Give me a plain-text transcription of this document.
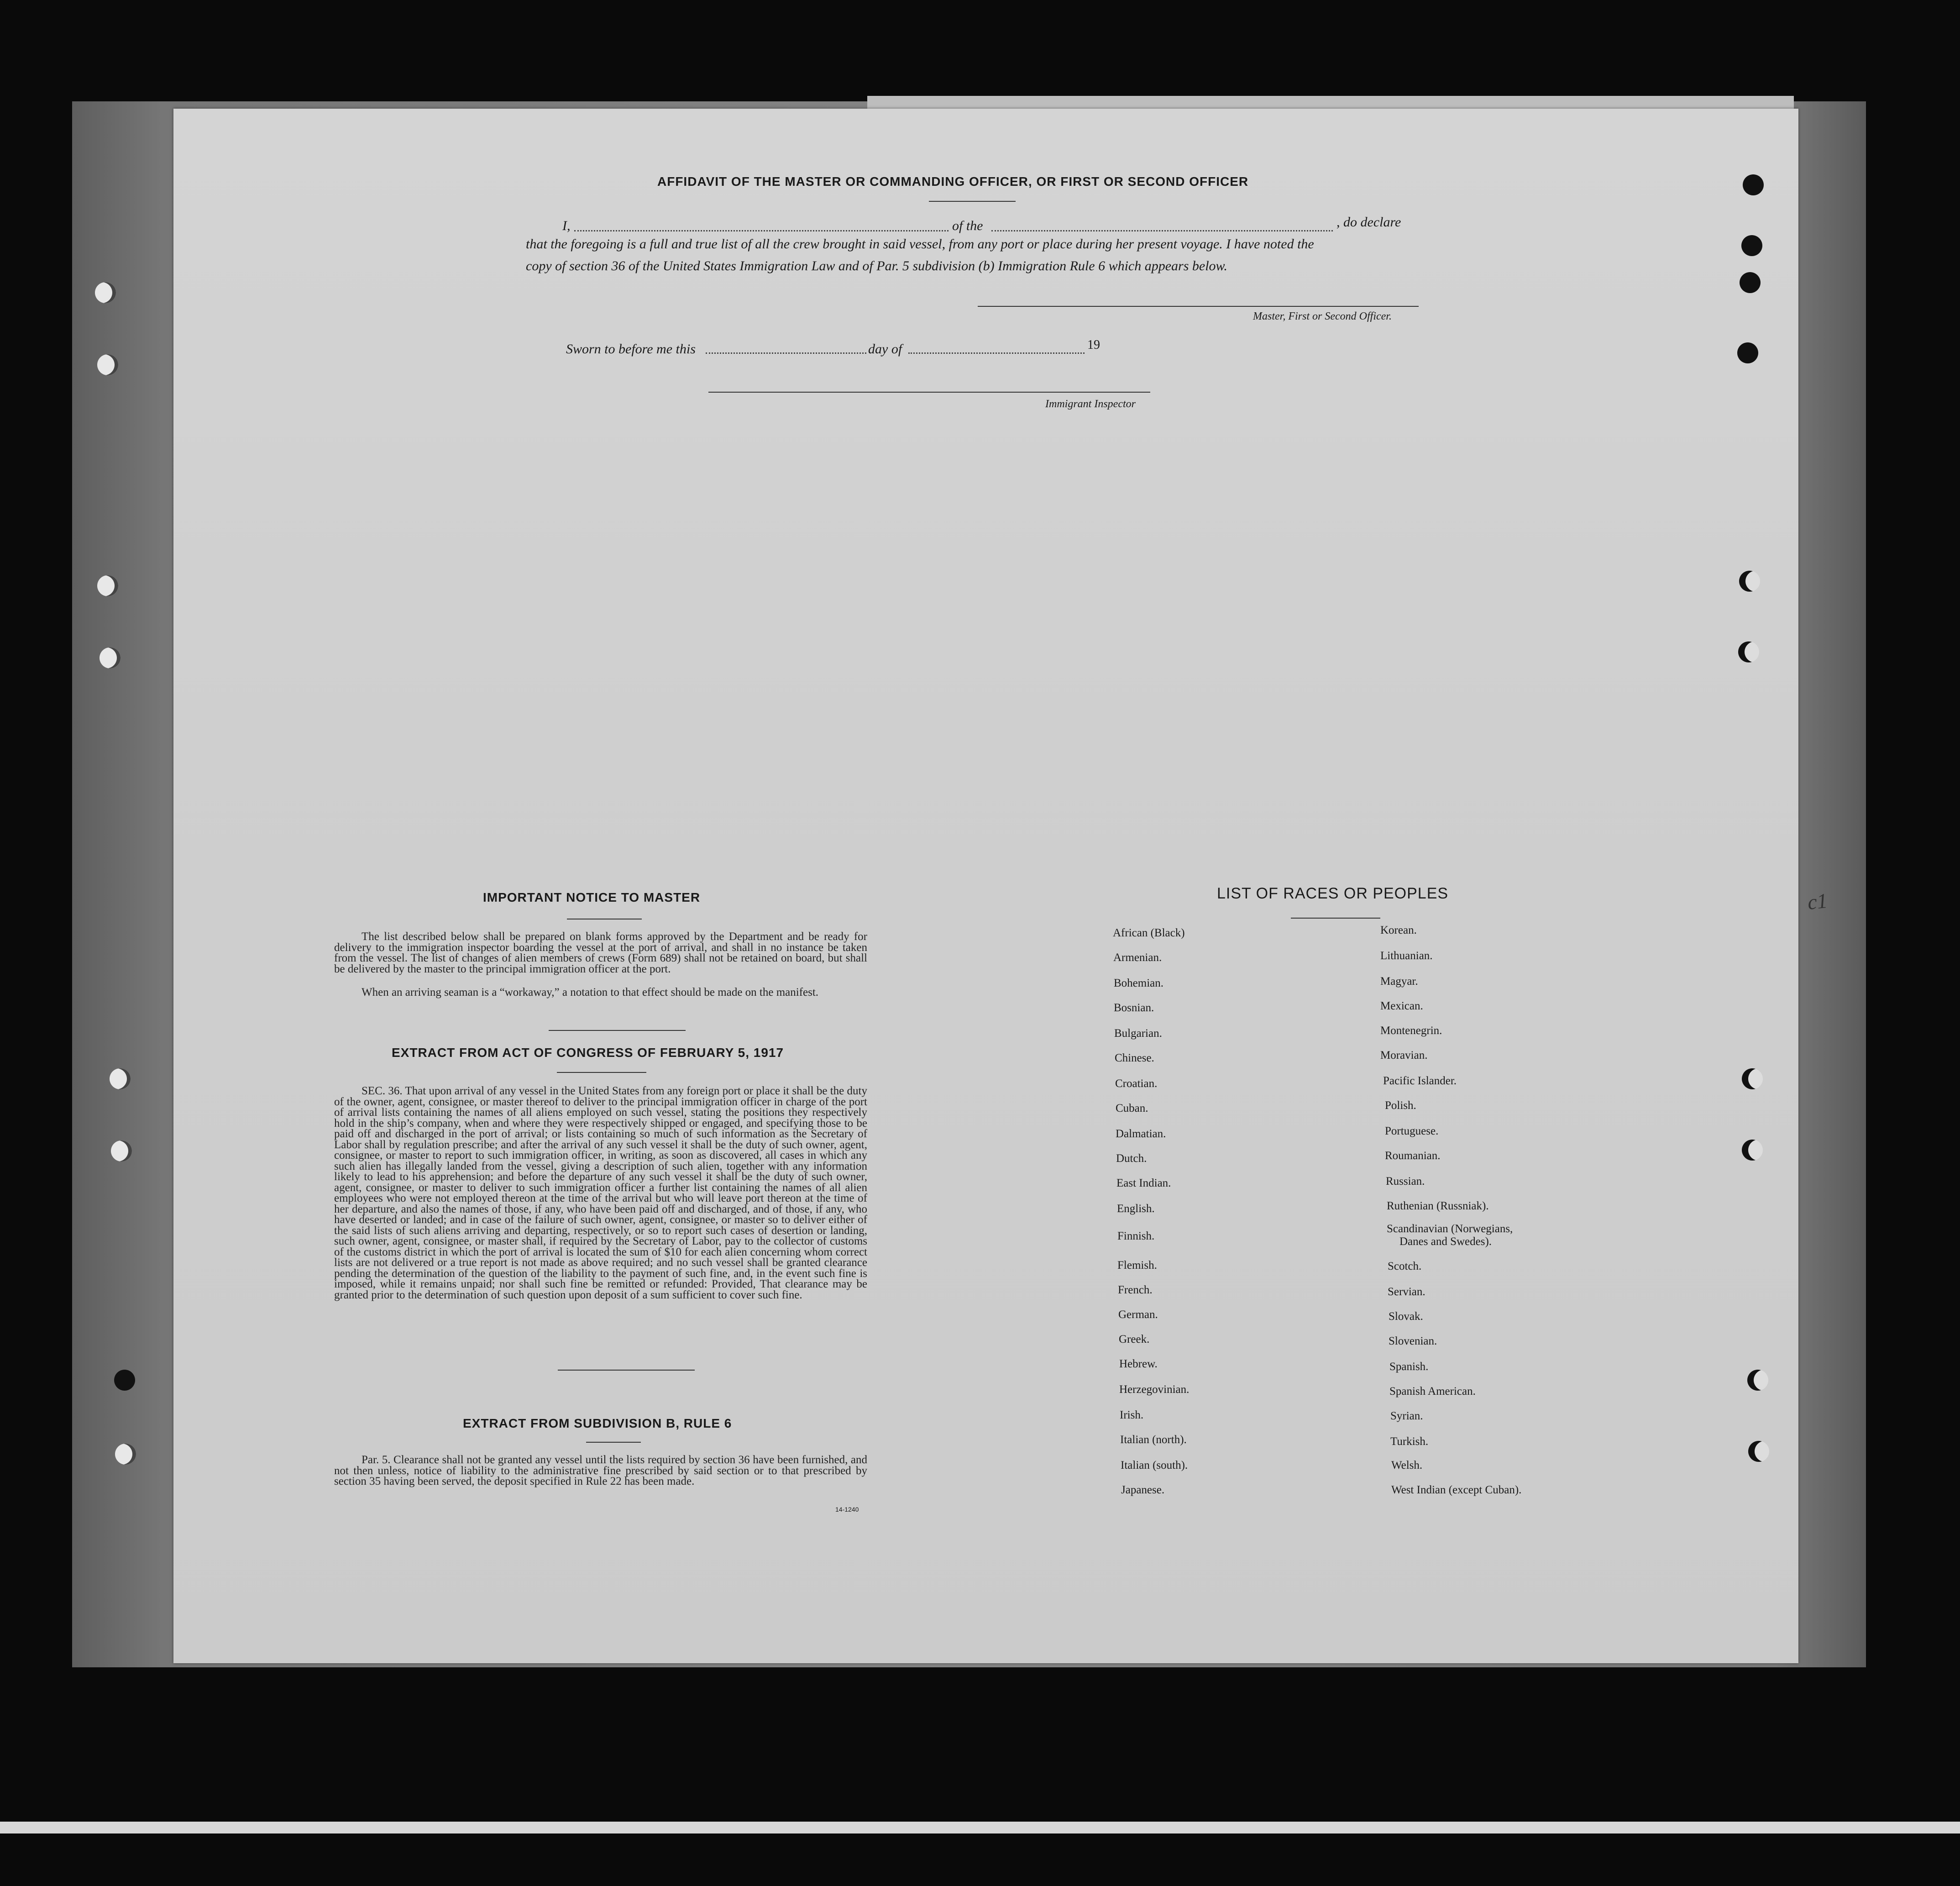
AFFIDAVIT OF THE MASTER OR COMMANDING OFFICER, OR FIRST OR SECOND OFFICER
I,	of the	, do declare
that the foregoing is a full and true list of all the crew brought in said vessel, from any port or place during her present voyage. I have noted the
copy of section 36 of the United States Immigration Law and of Par. 5 subdivision (b) Immigration Rule 6 which appears below.
Master, First or Second Officer.
Sworn to before me this	day of	19
Immigrant Inspector
IMPORTANT NOTICE TO MASTER

The list described below shall be prepared on blank forms approved by the Department and be ready for delivery to the immigration inspector boarding the vessel at the port of arrival, and shall in no instance be taken from the vessel. The list of changes of alien members of crews (Form 689) shall not be retained on board, but shall be delivered by the master to the principal immigration officer at the port.

When an arriving seaman is a “workaway,” a notation to that effect should be made on the manifest.

EXTRACT FROM ACT OF CONGRESS OF FEBRUARY 5, 1917

SEC. 36. That upon arrival of any vessel in the United States from any foreign port or place it shall be the duty of the owner, agent, consignee, or master thereof to deliver to the principal immigration officer in charge of the port of arrival lists containing the names of all aliens employed on such vessel, stating the positions they respectively hold in the ship’s company, when and where they were respectively shipped or engaged, and specifying those to be paid off and discharged in the port of arrival; or lists containing so much of such information as the Secretary of Labor shall by regulation prescribe; and after the arrival of any such vessel it shall be the duty of such owner, agent, consignee, or master to report to such immigration officer, in writing, as soon as discovered, all cases in which any such alien has illegally landed from the vessel, giving a description of such alien, together with any information likely to lead to his apprehension; and before the departure of any such vessel it shall be the duty of such owner, agent, consignee, or master to deliver to such immigration officer a further list containing the names of all alien employees who were not employed thereon at the time of the arrival but who will leave port thereon at the time of her departure, and also the names of those, if any, who have been paid off and discharged, and of those, if any, who have deserted or landed; and in case of the failure of such owner, agent, consignee, or master so to deliver either of the said lists of such aliens arriving and departing, respectively, or so to report such cases of desertion or landing, such owner, agent, consignee, or master shall, if required by the Secretary of Labor, pay to the collector of customs of the customs district in which the port of arrival is located the sum of $10 for each alien concerning whom correct lists are not delivered or a true report is not made as above required; and no such vessel shall be granted clearance pending the determination of the question of the liability to the payment of such fine, and, in the event such fine is imposed, while it remains unpaid; nor shall such fine be remitted or refunded: Provided, That clearance may be granted prior to the determination of such question upon deposit of a sum sufficient to cover such fine.

EXTRACT FROM SUBDIVISION B, RULE 6

Par. 5. Clearance shall not be granted any vessel until the lists required by section 36 have been furnished, and not then unless, notice of liability to the administrative fine prescribed by said section or to that prescribed by section 35 having been served, the deposit specified in Rule 22 has been made.

14-1240
LIST OF RACES OR PEOPLES
African (Black)
Armenian.
Bohemian.
Bosnian.
Bulgarian.
Chinese.
Croatian.
Cuban.
Dalmatian.
Dutch.
East Indian.
English.
Finnish.
Flemish.
French.
German.
Greek.
Hebrew.
Herzegovinian.
Irish.
Italian (north).
Italian (south).
Japanese.
Korean.
Lithuanian.
Magyar.
Mexican.
Montenegrin.
Moravian.
Pacific Islander.
Polish.
Portuguese.
Roumanian.
Russian.
Ruthenian (Russniak).
Scandinavian (Norwegians,
Danes and Swedes).
Scotch.
Servian.
Slovak.
Slovenian.
Spanish.
Spanish American.
Syrian.
Turkish.
Welsh.
West Indian (except Cuban).
c1
